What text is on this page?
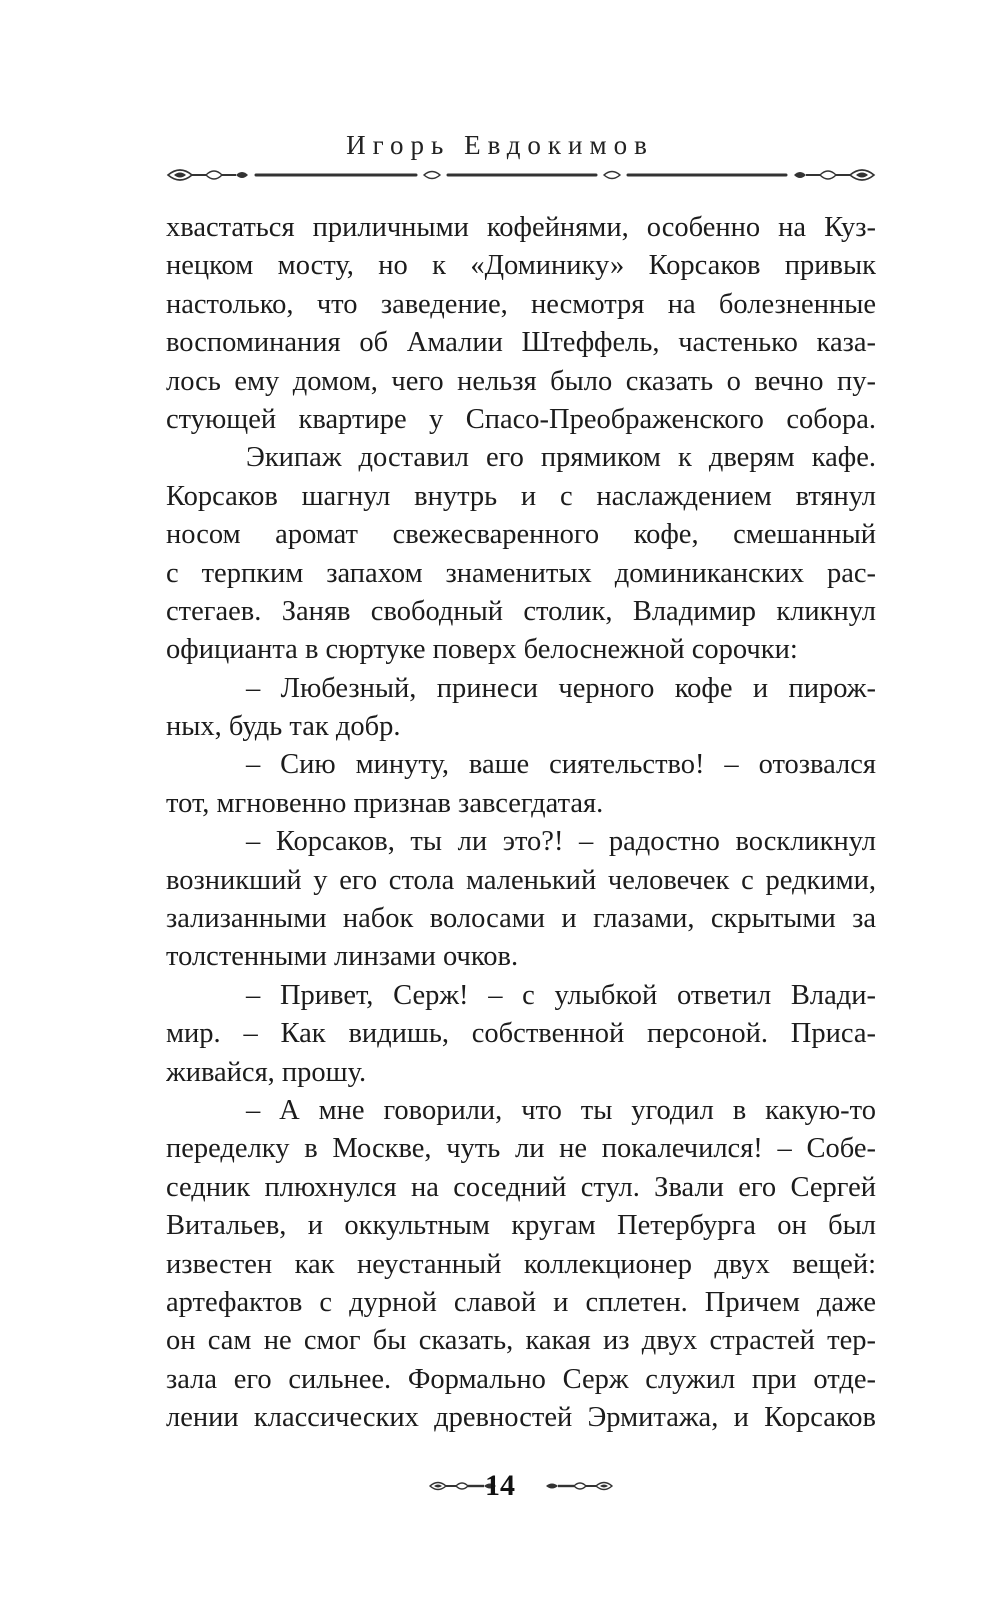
Игорь Евдокимов
хвастаться приличными кофейнями, особенно на Куз-
нецком мосту, но к «Доминику» Корсаков привык
настолько, что заведение, несмотря на болезненные
воспоминания об Амалии Штеффель, частенько каза-
лось ему домом, чего нельзя было сказать о вечно пу-
стующей квартире у Спасо-Преображенского собора.
Экипаж доставил его прямиком к дверям кафе.
Корсаков шагнул внутрь и с наслаждением втянул
носом аромат свежесваренного кофе, смешанный
с терпким запахом знаменитых доминиканских рас-
стегаев. Заняв свободный столик, Владимир кликнул
официанта в сюртуке поверх белоснежной сорочки:
– Любезный, принеси черного кофе и пирож-
ных, будь так добр.
– Сию минуту, ваше сиятельство! – отозвался
тот, мгновенно признав завсегдатая.
– Корсаков, ты ли это?! – радостно воскликнул
возникший у его стола маленький человечек с редкими,
зализанными набок волосами и глазами, скрытыми за
толстенными линзами очков.
– Привет, Серж! – с улыбкой ответил Влади-
мир. – Как видишь, собственной персоной. Приса-
живайся, прошу.
– А мне говорили, что ты угодил в какую-то
переделку в Москве, чуть ли не покалечился! – Собе-
седник плюхнулся на соседний стул. Звали его Сергей
Витальев, и оккультным кругам Петербурга он был
известен как неустанный коллекционер двух вещей:
артефактов с дурной славой и сплетен. Причем даже
он сам не смог бы сказать, какая из двух страстей тер-
зала его сильнее. Формально Серж служил при отде-
лении классических древностей Эрмитажа, и Корсаков
14
